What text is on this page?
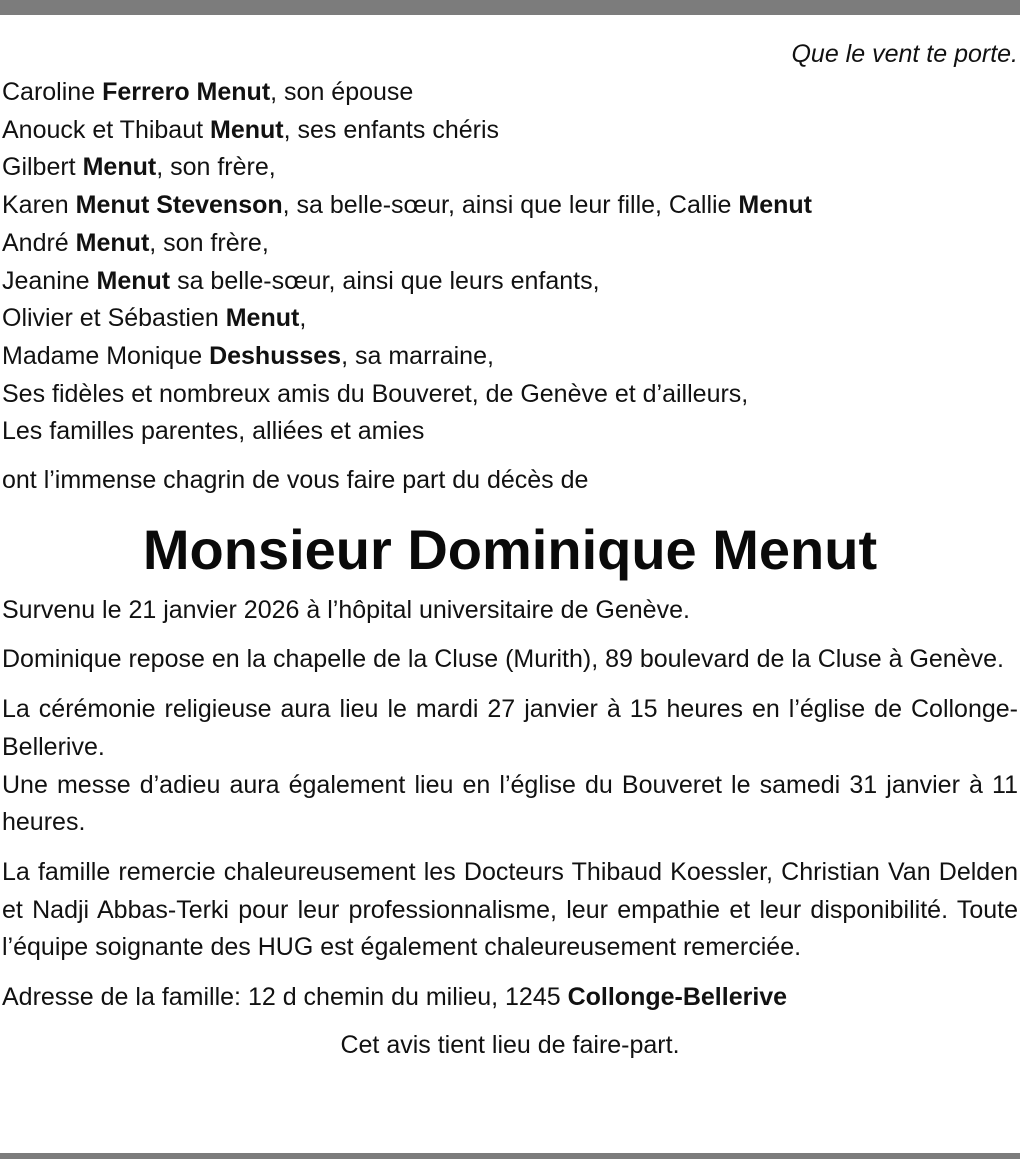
Que le vent te porte.

Caroline Ferrero Menut, son épouse

Anouck et Thibaut Menut, ses enfants chéris

Gilbert Menut, son frère,

Karen Menut Stevenson, sa belle-sœur, ainsi que leur fille, Callie Menut

André Menut, son frère,

Jeanine Menut sa belle-sœur, ainsi que leurs enfants,

Olivier et Sébastien Menut,

Madame Monique Deshusses, sa marraine,

Ses fidèles et nombreux amis du Bouveret, de Genève et d’ailleurs,

Les familles parentes, alliées et amies

ont l’immense chagrin de vous faire part du décès de

Monsieur Dominique Menut

Survenu le 21 janvier 2026 à l’hôpital universitaire de Genève.

Dominique repose en la chapelle de la Cluse (Murith), 89 boulevard de la Cluse à Genève.

La cérémonie religieuse aura lieu le mardi 27 janvier à 15 heures en l’église de Collonge-Bellerive.

Une messe d’adieu aura également lieu en l’église du Bouveret le samedi 31 janvier à 11 heures.

La famille remercie chaleureusement les Docteurs Thibaud Koessler, Christian Van Delden et Nadji Abbas-Terki pour leur professionnalisme, leur empathie et leur disponibilité. Toute l’équipe soignante des HUG est également chaleureusement remerciée.

Adresse de la famille: 12 d chemin du milieu, 1245 Collonge-Bellerive

Cet avis tient lieu de faire-part.
